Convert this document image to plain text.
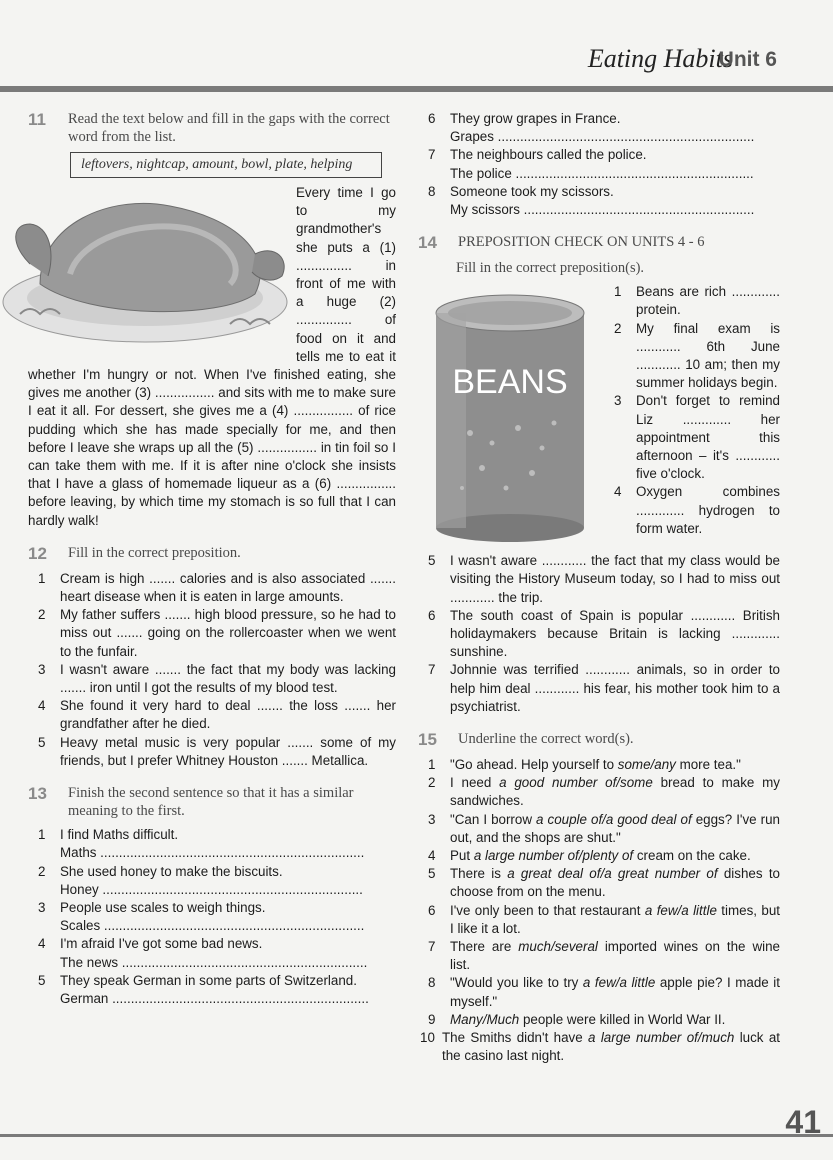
Eating Habits
Unit 6
11	Read the text below and fill in the gaps with the correct word from the list.
leftovers, nightcap, amount, bowl, plate, helping
Every time I go to my grandmother's she puts a (1) ............... in front of me with a huge (2) ............... of food on it and tells me to eat it whether I'm hungry or not. When I've finished eating, she gives me another (3) ................ and sits with me to make sure I eat it all. For dessert, she gives me a (4) ................ of rice pudding which she has made specially for me, and then before I leave she wraps up all the (5) ................ in tin foil so I can take them with me. If it is after nine o'clock she insists that I have a glass of homemade liqueur as a (6) ................ before leaving, by which time my stomach is so full that I can hardly walk!
12	Fill in the correct preposition.
1	Cream is high ....... calories and is also associated ....... heart disease when it is eaten in large amounts.
2	My father suffers ....... high blood pressure, so he had to miss out ....... going on the rollercoaster when we went to the funfair.
3	I wasn't aware ....... the fact that my body was lacking ....... iron until I got the results of my blood test.
4	She found it very hard to deal ....... the loss ....... her grandfather after he died.
5	Heavy metal music is very popular ....... some of my friends, but I prefer Whitney Houston ....... Metallica.
13	Finish the second sentence so that it has a similar meaning to the first.
1	I find Maths difficult.
Maths .......................................................................
2	She used honey to make the biscuits.
Honey ......................................................................
3	People use scales to weigh things.
Scales ......................................................................
4	I'm afraid I've got some bad news.
The news ..................................................................
5	They speak German in some parts of Switzerland.
German .....................................................................
6	They grow grapes in France.
Grapes .....................................................................
7	The neighbours called the police.
The police ................................................................
8	Someone took my scissors.
My scissors ..............................................................
14	PREPOSITION CHECK ON UNITS 4 - 6
Fill in the correct preposition(s).
BEANS
1	Beans are rich ............. protein.
2	My final exam is ............ 6th June ............ 10 am; then my summer holidays begin.
3	Don't forget to remind Liz ............. her appointment this afternoon – it's ............ five o'clock.
4	Oxygen combines ............. hydrogen to form water.
5	I wasn't aware ............ the fact that my class would be visiting the History Museum today, so I had to miss out ............ the trip.
6	The south coast of Spain is popular ............ British holidaymakers because Britain is lacking ............. sunshine.
7	Johnnie was terrified ............ animals, so in order to help him deal ............ his fear, his mother took him to a psychiatrist.
15	Underline the correct word(s).
1	"Go ahead. Help yourself to some/any more tea."
2	I need a good number of/some bread to make my sandwiches.
3	"Can I borrow a couple of/a good deal of eggs? I've run out, and the shops are shut."
4	Put a large number of/plenty of cream on the cake.
5	There is a great deal of/a great number of dishes to choose from on the menu.
6	I've only been to that restaurant a few/a little times, but I like it a lot.
7	There are much/several imported wines on the wine list.
8	"Would you like to try a few/a little apple pie? I made it myself."
9	Many/Much people were killed in World War II.
10 The Smiths didn't have a large number of/much luck at the casino last night.
41
